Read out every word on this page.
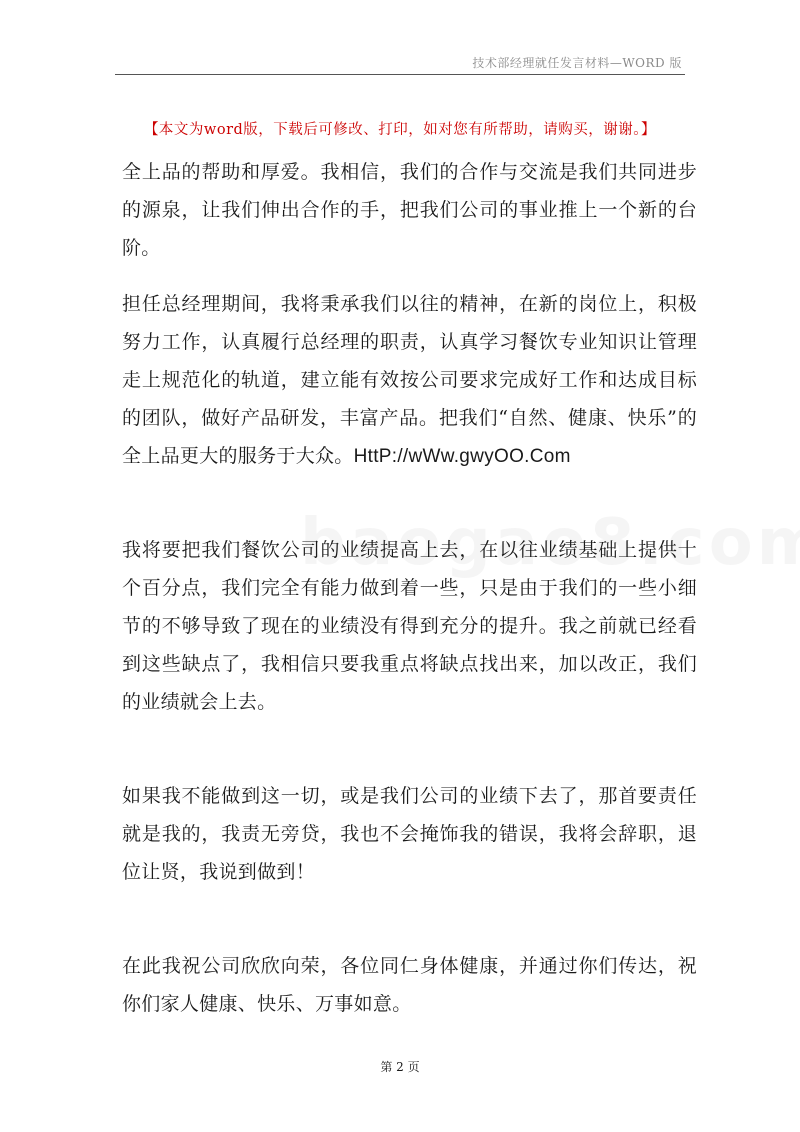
技术部经理就任发言材料—WORD 版
【本文为word版，下载后可修改、打印，如对您有所帮助，请购买，谢谢。】

全上品的帮助和厚爱。我相信，我们的合作与交流是我们共同进步的源泉，让我们伸出合作的手，把我们公司的事业推上一个新的台阶。

担任总经理期间，我将秉承我们以往的精神，在新的岗位上，积极努力工作，认真履行总经理的职责，认真学习餐饮专业知识让管理走上规范化的轨道，建立能有效按公司要求完成好工作和达成目标的团队，做好产品研发，丰富产品。把我们“自然、健康、快乐”的全上品更大的服务于大众。HttP://wWw.gwyOO.Com

我将要把我们餐饮公司的业绩提高上去，在以往业绩基础上提供十个百分点，我们完全有能力做到着一些，只是由于我们的一些小细节的不够导致了现在的业绩没有得到充分的提升。我之前就已经看到这些缺点了，我相信只要我重点将缺点找出来，加以改正，我们的业绩就会上去。

如果我不能做到这一切，或是我们公司的业绩下去了，那首要责任就是我的，我责无旁贷，我也不会掩饰我的错误，我将会辞职，退位让贤，我说到做到！

在此我祝公司欣欣向荣，各位同仁身体健康，并通过你们传达，祝你们家人健康、快乐、万事如意。

第 2 页
